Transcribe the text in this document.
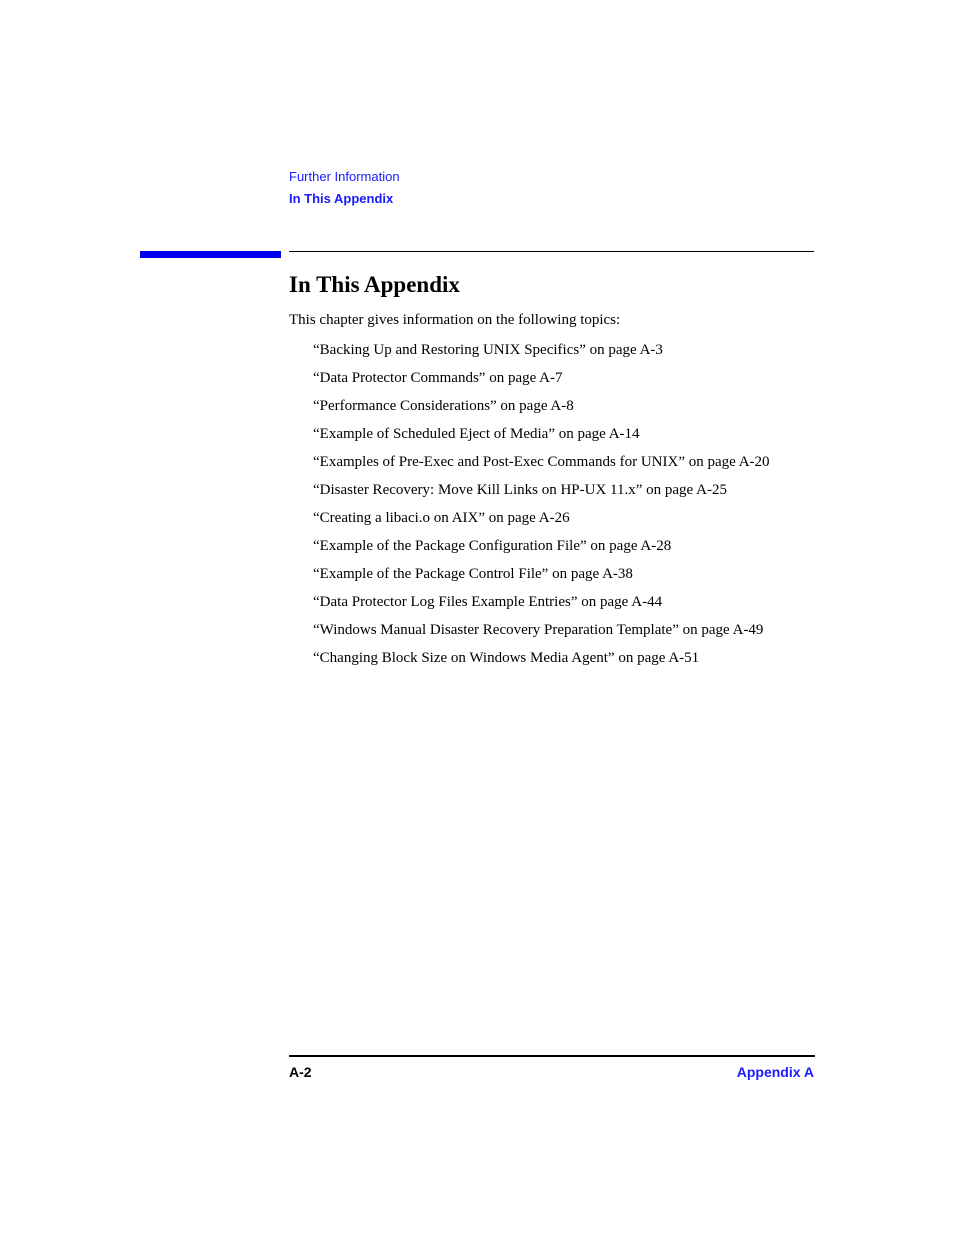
Further Information
In This Appendix
In This Appendix

This chapter gives information on the following topics:

“Backing Up and Restoring UNIX Specifics” on page A-3
“Data Protector Commands” on page A-7
“Performance Considerations” on page A-8
“Example of Scheduled Eject of Media” on page A-14
“Examples of Pre-Exec and Post-Exec Commands for UNIX” on page A-20
“Disaster Recovery: Move Kill Links on HP-UX 11.x” on page A-25
“Creating a libaci.o on AIX” on page A-26
“Example of the Package Configuration File” on page A-28
“Example of the Package Control File” on page A-38
“Data Protector Log Files Example Entries” on page A-44
“Windows Manual Disaster Recovery Preparation Template” on page A-49
“Changing Block Size on Windows Media Agent” on page A-51
A-2	Appendix A
